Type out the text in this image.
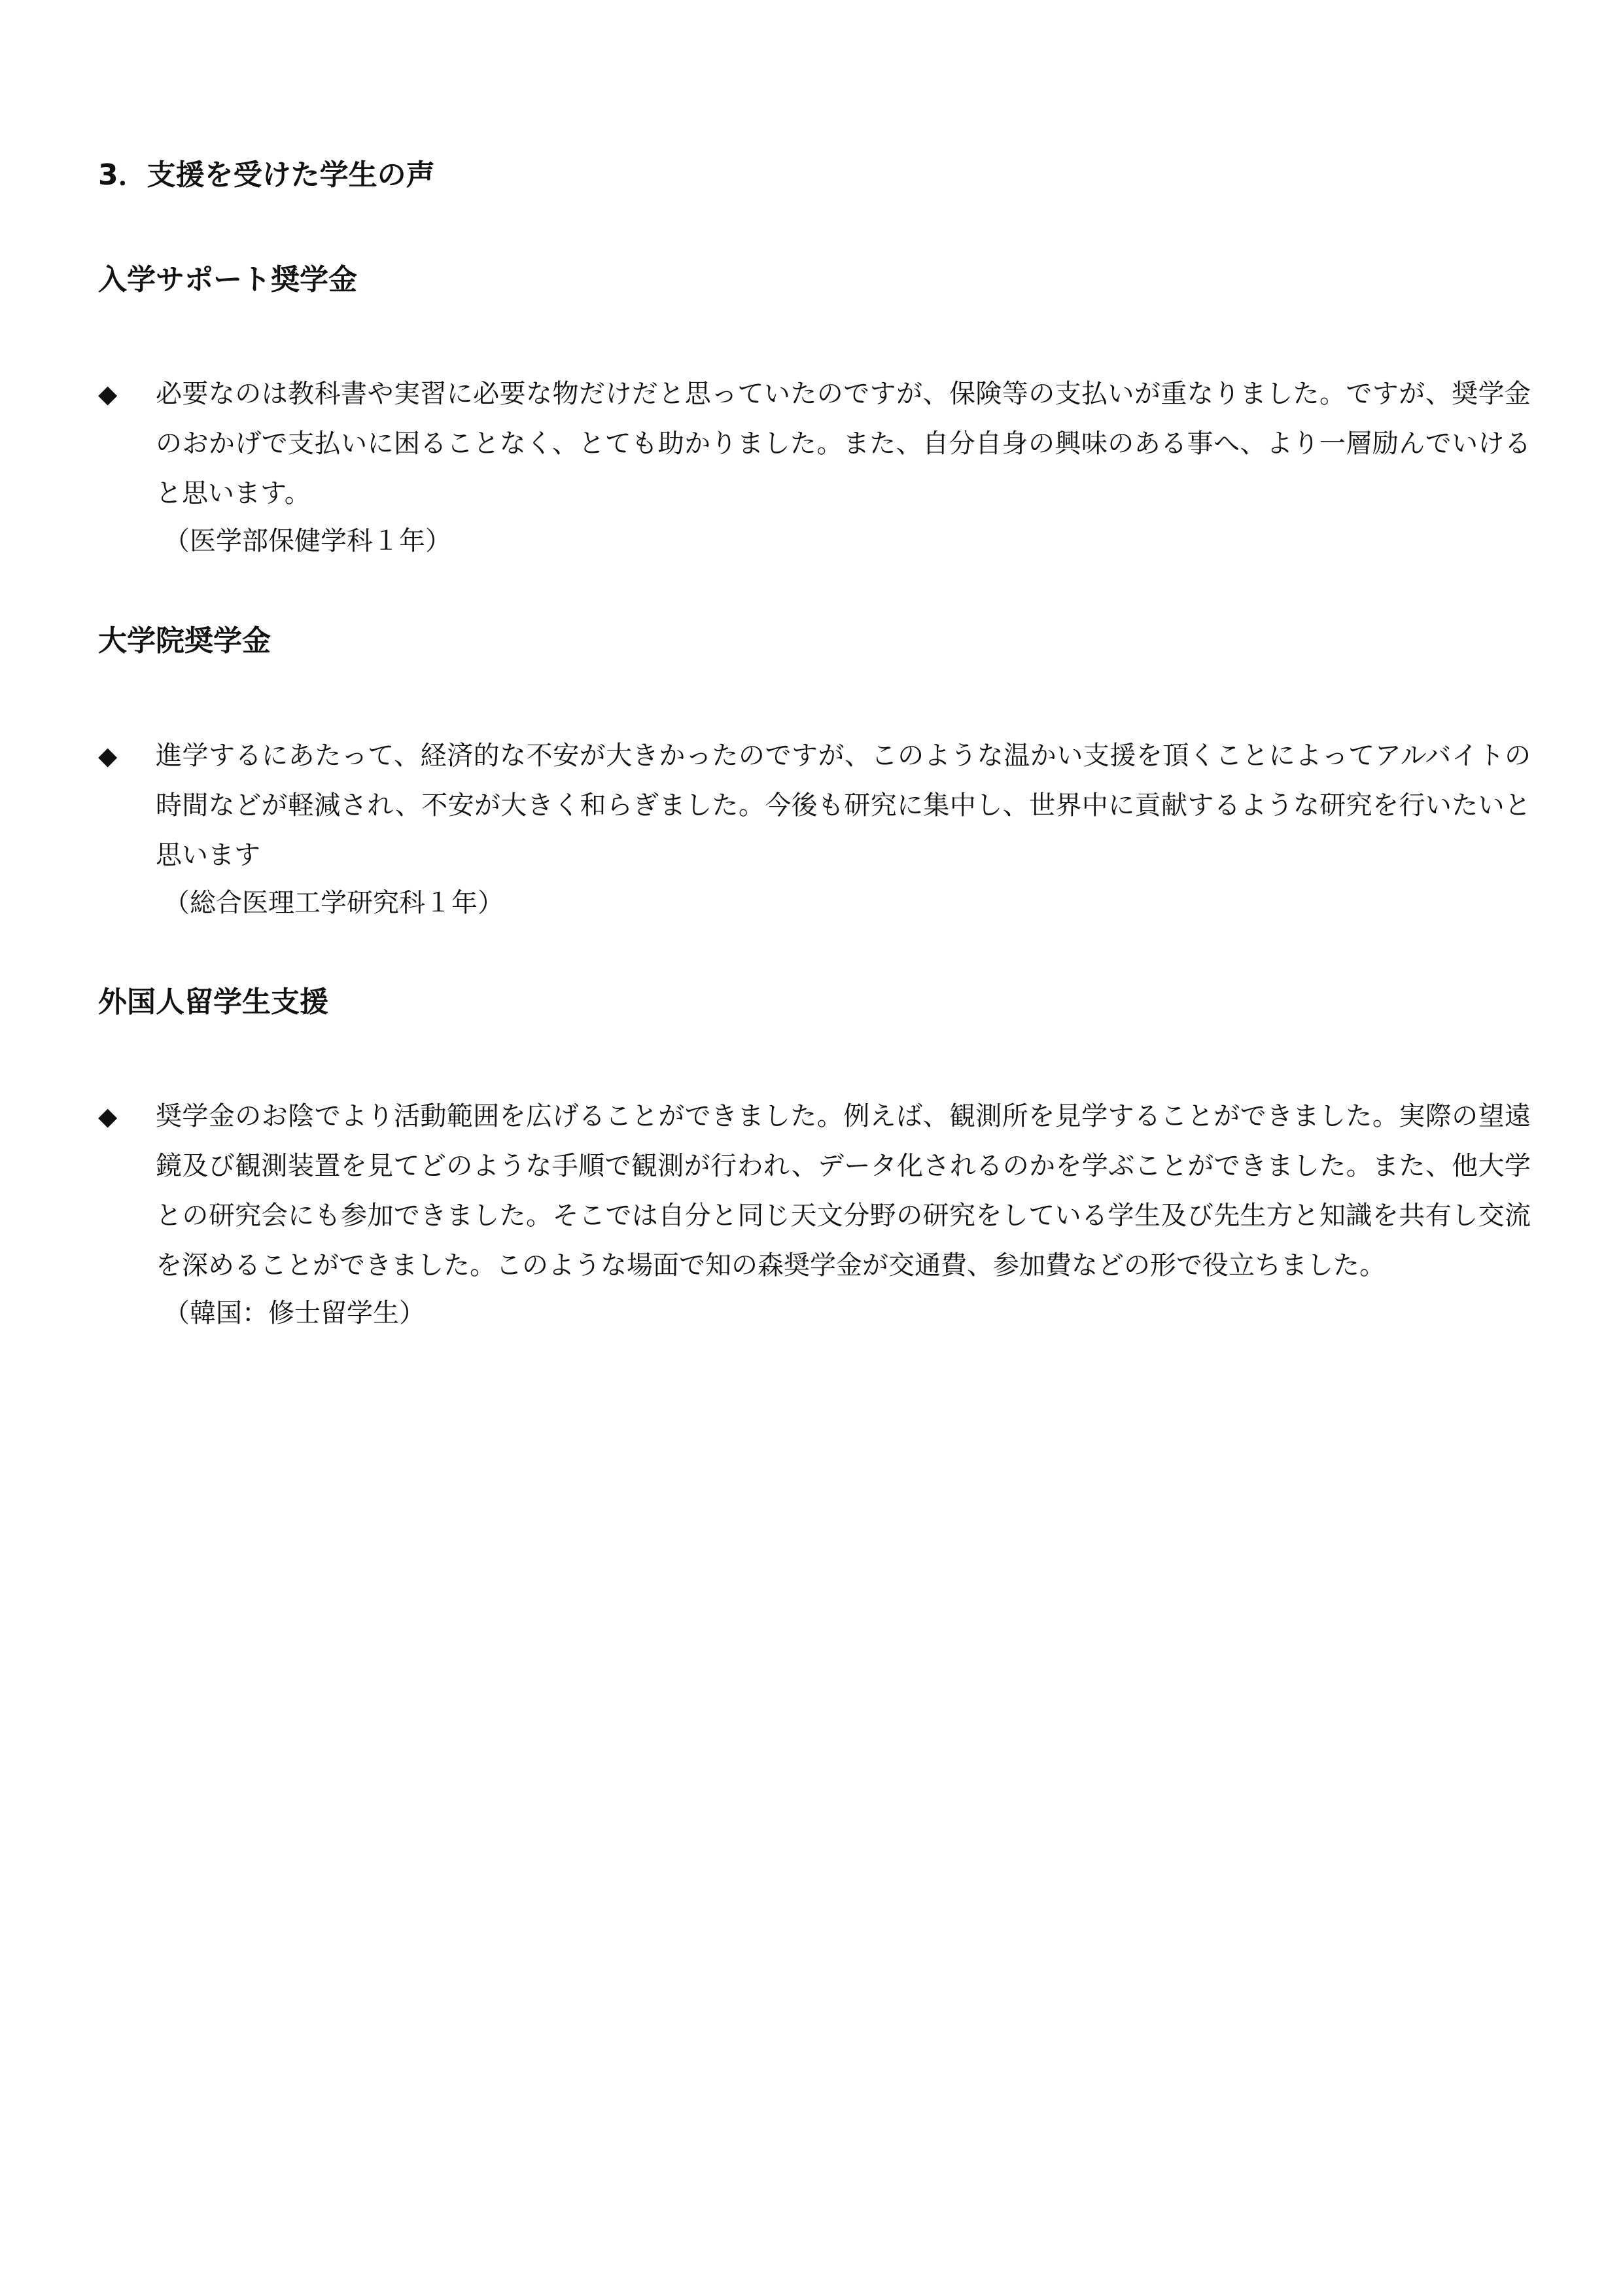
3．支援を受けた学生の声
入学サポート奨学金
◆	必要なのは教科書や実習に必要な物だけだと思っていたのですが、保険等の支払いが重なりました。ですが、奨学金のおかげで支払いに困ることなく、とても助かりました。また、自分自身の興味のある事へ、より一層励んでいけると思います。

（医学部保健学科１年）

大学院奨学金
◆	進学するにあたって、経済的な不安が大きかったのですが、このような温かい支援を頂くことによってアルバイトの時間などが軽減され、不安が大きく和らぎました。今後も研究に集中し、世界中に貢献するような研究を行いたいと思います

（総合医理工学研究科１年）

外国人留学生支援
◆	奨学金のお陰でより活動範囲を広げることができました。例えば、観測所を見学することができました。実際の望遠鏡及び観測装置を見てどのような手順で観測が行われ、データ化されるのかを学ぶことができました。また、他大学との研究会にも参加できました。そこでは自分と同じ天文分野の研究をしている学生及び先生方と知識を共有し交流を深めることができました。このような場面で知の森奨学金が交通費、参加費などの形で役立ちました。

（韓国：修士留学生）
